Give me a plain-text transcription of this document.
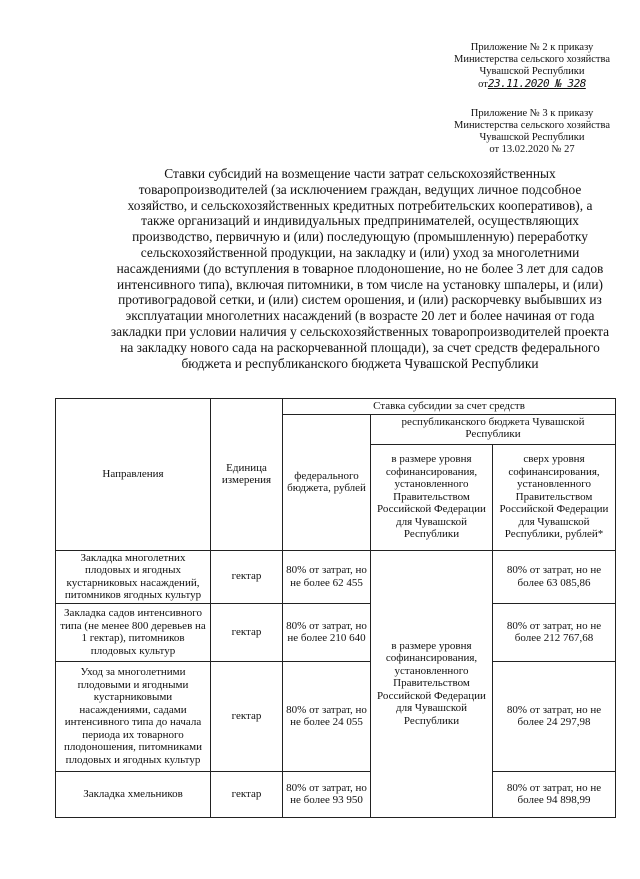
Приложение № 2 к приказу
Министерства сельского хозяйства
Чувашской Республики
от23.11.2020 № 328
Приложение № 3 к приказу
Министерства сельского хозяйства
Чувашской Республики
от 13.02.2020 № 27
Ставки субсидий на возмещение части затрат сельскохозяйственных товаропроизводителей (за исключением граждан, ведущих личное подсобное хозяйство, и сельскохозяйственных кредитных потребительских кооперативов), а также организаций и индивидуальных предпринимателей, осуществляющих производство, первичную и (или) последующую (промышленную) переработку сельскохозяйственной продукции, на закладку и (или) уход за многолетними насаждениями (до вступления в товарное плодоношение, но не более 3 лет для садов интенсивного типа), включая питомники, в том числе на установку шпалеры, и (или) противоградовой сетки, и (или) систем орошения, и (или) раскорчевку выбывших из эксплуатации многолетних насаждений (в возрасте 20 лет и более начиная от года закладки при условии наличия у сельскохозяйственных товаропроизводителей проекта на закладку нового сада на раскорчеванной площади), за счет средств федерального бюджета и республиканского бюджета Чувашской Республики
Направления	Единица измерения	Ставка субсидии за счет средств		
		федерального бюджета, рублей	республиканского бюджета Чувашской Республики	
			в размере уровня софинансирования, установленного Правительством Российской Федерации для Чувашской Республики	сверх уровня софинансирования, установленного Правительством Российской Федерации для Чувашской Республики, рублей*
Закладка многолетних плодовых и ягодных кустарниковых насаждений, питомников ягодных культур	гектар	80% от затрат, но не более 62 455	в размере уровня софинансирования, установленного Правительством Российской Федерации для Чувашской Республики	80% от затрат, но не более 63 085,86
Закладка садов интенсивного типа (не менее 800 деревьев на 1 гектар), питомников плодовых культур	гектар	80% от затрат, но не более 210 640		80% от затрат, но не более 212 767,68
Уход за многолетними плодовыми и ягодными кустарниковыми насаждениями, садами интенсивного типа до начала периода их товарного плодоношения, питомниками плодовых и ягодных культур	гектар	80% от затрат, но не более 24 055		80% от затрат, но не более 24 297,98
Закладка хмельников	гектар	80% от затрат, но не более 93 950		80% от затрат, но не более 94 898,99
